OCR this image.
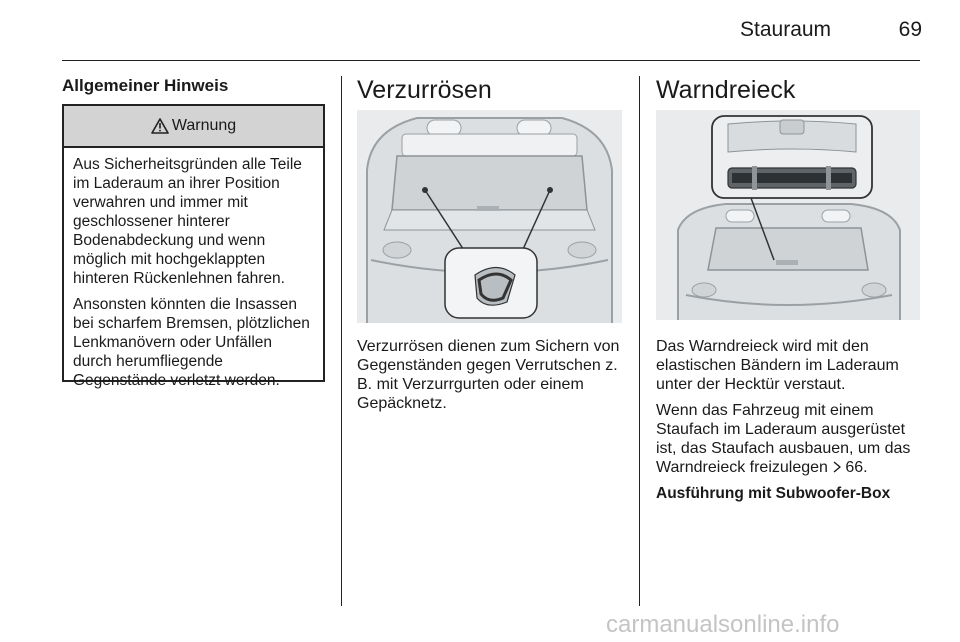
Stauraum	69
Allgemeiner Hinweis
Warnung

Aus Sicherheitsgründen alle Teile im Laderaum an ihrer Position verwahren und immer mit geschlossener hinterer Bodenabdeckung und wenn möglich mit hochgeklappten hinteren Rückenlehnen fahren.

Ansonsten könnten die Insassen bei scharfem Bremsen, plötzlichen Lenkmanövern oder Unfällen durch herumfliegende Gegenstände verletzt werden.

Verzurrösen

Verzurrösen dienen zum Sichern von Gegenständen gegen Verrutschen z. B. mit Verzurrgurten oder einem Gepäcknetz.

Warndreieck

Das Warndreieck wird mit den elastischen Bändern im Laderaum unter der Hecktür verstaut.

Wenn das Fahrzeug mit einem Staufach im Laderaum ausgerüstet ist, das Staufach ausbauen, um das Warndreieck freizulegen 66.

Ausführung mit Subwoofer-Box

carmanualsonline.info
